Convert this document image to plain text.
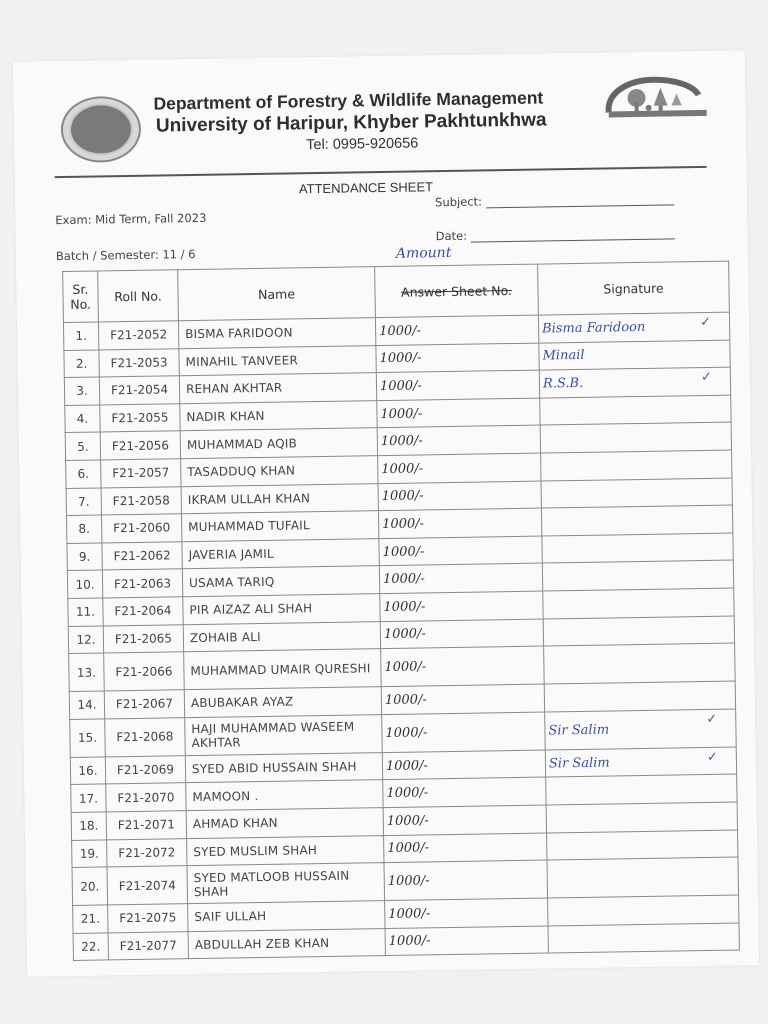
Department of Forestry & Wildlife Management
University of Haripur, Khyber Pakhtunkhwa
Tel: 0995-920656
ATTENDANCE SHEET
Exam: Mid Term, Fall 2023
Subject:
Batch / Semester: 11 / 6
Date:
Sr. No.	Roll No.	Name	Answer Sheet No.	Signature
1.	F21-2052	BISMA FARIDOON	1000/-	Bisma Faridoon ✓

2.	F21-2053	MINAHIL TANVEER	1000/-	Minail

3.	F21-2054	REHAN AKHTAR	1000/-	R.S.B. ✓

4.	F21-2055	NADIR KHAN	1000/-	

5.	F21-2056	MUHAMMAD AQIB	1000/-	

6.	F21-2057	TASADDUQ KHAN	1000/-	

7.	F21-2058	IKRAM ULLAH KHAN	1000/-	

8.	F21-2060	MUHAMMAD TUFAIL	1000/-	

9.	F21-2062	JAVERIA JAMIL	1000/-	

10.	F21-2063	USAMA TARIQ	1000/-	

11.	F21-2064	PIR AIZAZ ALI SHAH	1000/-	

12.	F21-2065	ZOHAIB ALI	1000/-	

13.	F21-2066	MUHAMMAD UMAIR QURESHI	1000/-	

14.	F21-2067	ABUBAKAR AYAZ	1000/-	

15.	F21-2068	HAJI MUHAMMAD WASEEM AKHTAR	1000/-	Sir Salim
✓

16.	F21-2069	SYED ABID HUSSAIN SHAH	1000/-	Sir Salim ✓

17.	F21-2070	MAMOON .	1000/-	

18.	F21-2071	AHMAD KHAN	1000/-	

19.	F21-2072	SYED MUSLIM SHAH	1000/-	

20.	F21-2074	SYED MATLOOB HUSSAIN SHAH	1000/-	

21.	F21-2075	SAIF ULLAH	1000/-	

22.	F21-2077	ABDULLAH ZEB KHAN	1000/-	
Amount
